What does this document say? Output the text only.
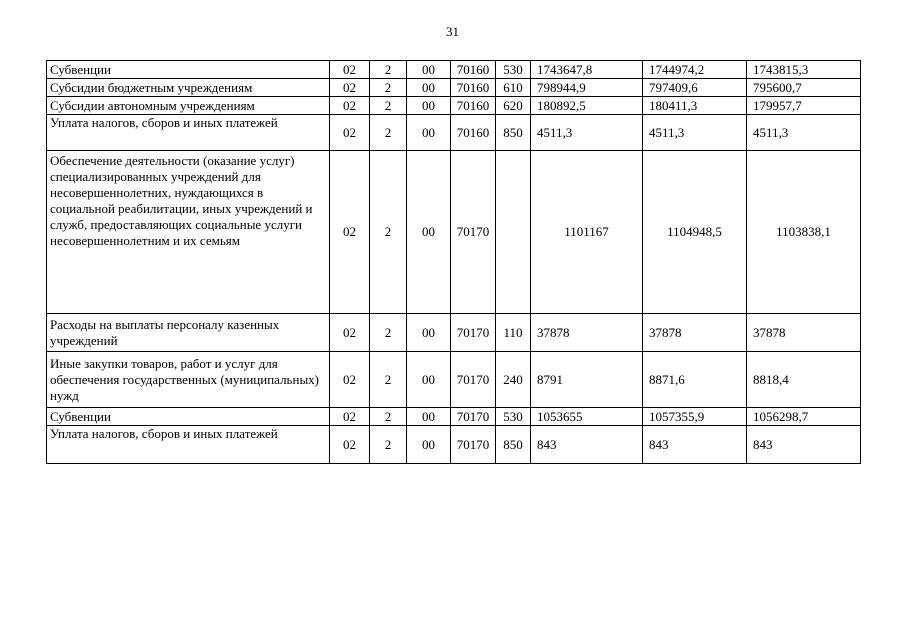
31
Субвенции	02	2	00	70160	530	1743647,8	1744974,2	1743815,3
Субсидии бюджетным учреждениям	02	2	00	70160	610	798944,9	797409,6	795600,7
Субсидии автономным учреждениям	02	2	00	70160	620	180892,5	180411,3	179957,7
Уплата налогов, сборов и иных платежей	02	2	00	70160	850	4511,3	4511,3	4511,3
Обеспечение деятельности (оказание услуг) специализированных учреждений для несовершеннолетних, нуждающихся в социальной реабилитации, иных учреждений и служб, предоставляющих социальные услуги несовершеннолетним и их семьям	02	2	00	70170		1101167	1104948,5	1103838,1
Расходы на выплаты персоналу казенных учреждений	02	2	00	70170	110	37878	37878	37878
Иные закупки товаров, работ и услуг для обеспечения государственных (муниципальных) нужд	02	2	00	70170	240	8791	8871,6	8818,4
Субвенции	02	2	00	70170	530	1053655	1057355,9	1056298,7
Уплата налогов, сборов и иных платежей	02	2	00	70170	850	843	843	843
